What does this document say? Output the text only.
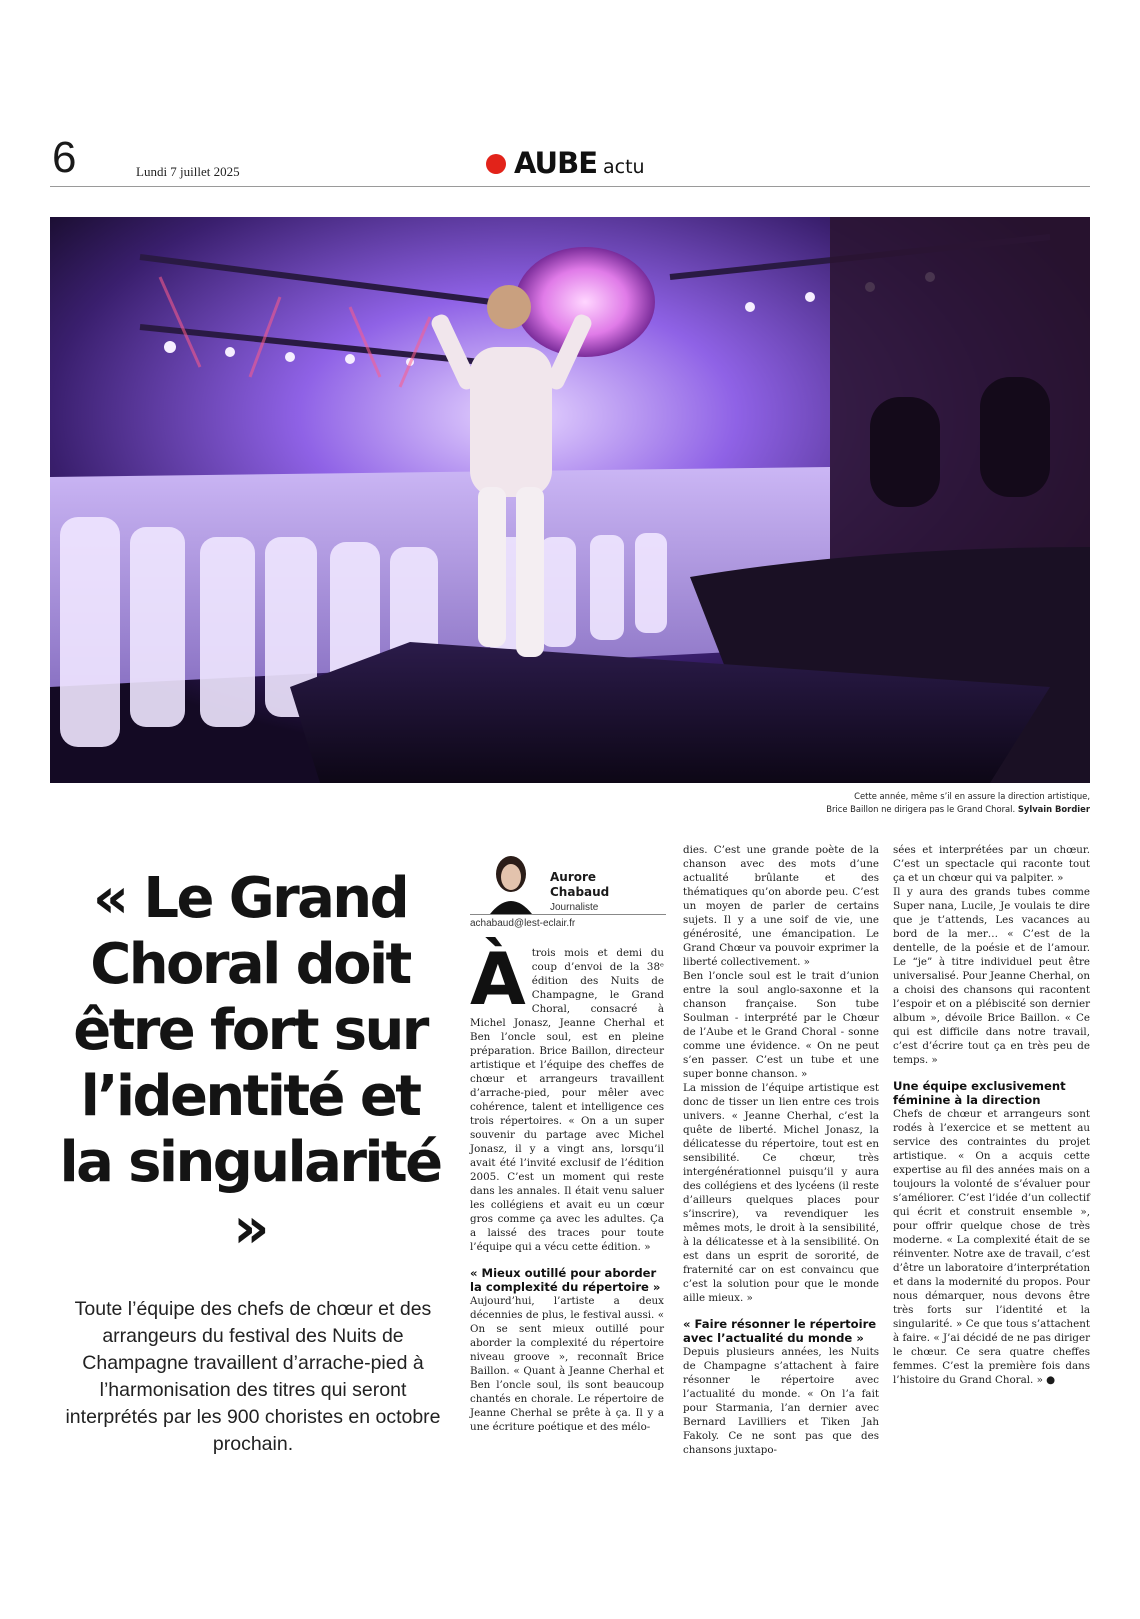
6	Lundi 7 juillet 2025	AUBE actu
Cette année, même s’il en assure la direction artistique,
Brice Baillon ne dirigera pas le Grand Choral. Sylvain Bordier
« Le Grand Choral doit être fort sur l’identité et la singularité »

Toute l’équipe des chefs de chœur et des arrangeurs du festival des Nuits de Champagne travaillent d’arrache-pied à l’harmonisation des titres qui seront interprétés par les 900 choristes en octobre prochain.

Aurore
Chabaud
Journaliste
achabaud@lest-eclair.fr

Àtrois mois et demi du coup d’envoi de la 38ᵉ édition des Nuits de Champagne, le Grand Choral, consacré à Michel Jonasz, Jeanne Cherhal et Ben l’oncle soul, est en pleine préparation. Brice Baillon, directeur artistique et l’équipe des cheffes de chœur et arrangeurs travaillent d’arrache-pied, pour mêler avec cohérence, talent et intelligence ces trois répertoires. « On a un super souvenir du partage avec Michel Jonasz, il y a vingt ans, lorsqu’il avait été l’invité exclusif de l’édition 2005. C’est un moment qui reste dans les annales. Il était venu saluer les collégiens et avait eu un cœur gros comme ça avec les adultes. Ça a laissé des traces pour toute l’équipe qui a vécu cette édition. »

« Mieux outillé pour aborder la complexité du répertoire »

Aujourd’hui, l’artiste a deux décennies de plus, le festival aussi. « On se sent mieux outillé pour aborder la complexité du répertoire niveau groove », reconnaît Brice Baillon. « Quant à Jeanne Cherhal et Ben l’oncle soul, ils sont beaucoup chantés en chorale. Le répertoire de Jeanne Cherhal se prête à ça. Il y a une écriture poétique et des mélo-

dies. C’est une grande poète de la chanson avec des mots d’une actualité brûlante et des thématiques qu’on aborde peu. C’est un moyen de parler de certains sujets. Il y a une soif de vie, une générosité, une émancipation. Le Grand Chœur va pouvoir exprimer la liberté collectivement. »

Ben l’oncle soul est le trait d’union entre la soul anglo-saxonne et la chanson française. Son tube Soulman - interprété par le Chœur de l’Aube et le Grand Choral - sonne comme une évidence. « On ne peut s’en passer. C’est un tube et une super bonne chanson. »

La mission de l’équipe artistique est donc de tisser un lien entre ces trois univers. « Jeanne Cherhal, c’est la quête de liberté. Michel Jonasz, la délicatesse du répertoire, tout est en sensibilité. Ce chœur, très intergénérationnel puisqu’il y aura des collégiens et des lycéens (il reste d’ailleurs quelques places pour s’inscrire), va revendiquer les mêmes mots, le droit à la sensibilité, à la délicatesse et à la sensibilité. On est dans un esprit de sororité, de fraternité car on est convaincu que c’est la solution pour que le monde aille mieux. »

« Faire résonner le répertoire avec l’actualité du monde »

Depuis plusieurs années, les Nuits de Champagne s’attachent à faire résonner le répertoire avec l’actualité du monde. « On l’a fait pour Starmania, l’an dernier avec Bernard Lavilliers et Tiken Jah Fakoly. Ce ne sont pas que des chansons juxtapo-

sées et interprétées par un chœur. C’est un spectacle qui raconte tout ça et un chœur qui va palpiter. »

Il y aura des grands tubes comme Super nana, Lucile, Je voulais te dire que je t’attends, Les vacances au bord de la mer… « C’est de la dentelle, de la poésie et de l’amour. Le “je” à titre individuel peut être universalisé. Pour Jeanne Cherhal, on a choisi des chansons qui racontent l’espoir et on a plébiscité son dernier album », dévoile Brice Baillon. « Ce qui est difficile dans notre travail, c’est d’écrire tout ça en très peu de temps. »

Une équipe exclusivement féminine à la direction

Chefs de chœur et arrangeurs sont rodés à l’exercice et se mettent au service des contraintes du projet artistique. « On a acquis cette expertise au fil des années mais on a toujours la volonté de s’évaluer pour s’améliorer. C’est l’idée d’un collectif qui écrit et construit ensemble », pour offrir quelque chose de très moderne. « La complexité était de se réinventer. Notre axe de travail, c’est d’être un laboratoire d’interprétation et dans la modernité du propos. Pour nous démarquer, nous devons être très forts sur l’identité et la singularité. » Ce que tous s’attachent à faire. « J’ai décidé de ne pas diriger le chœur. Ce sera quatre cheffes femmes. C’est la première fois dans l’histoire du Grand Choral. » ●
